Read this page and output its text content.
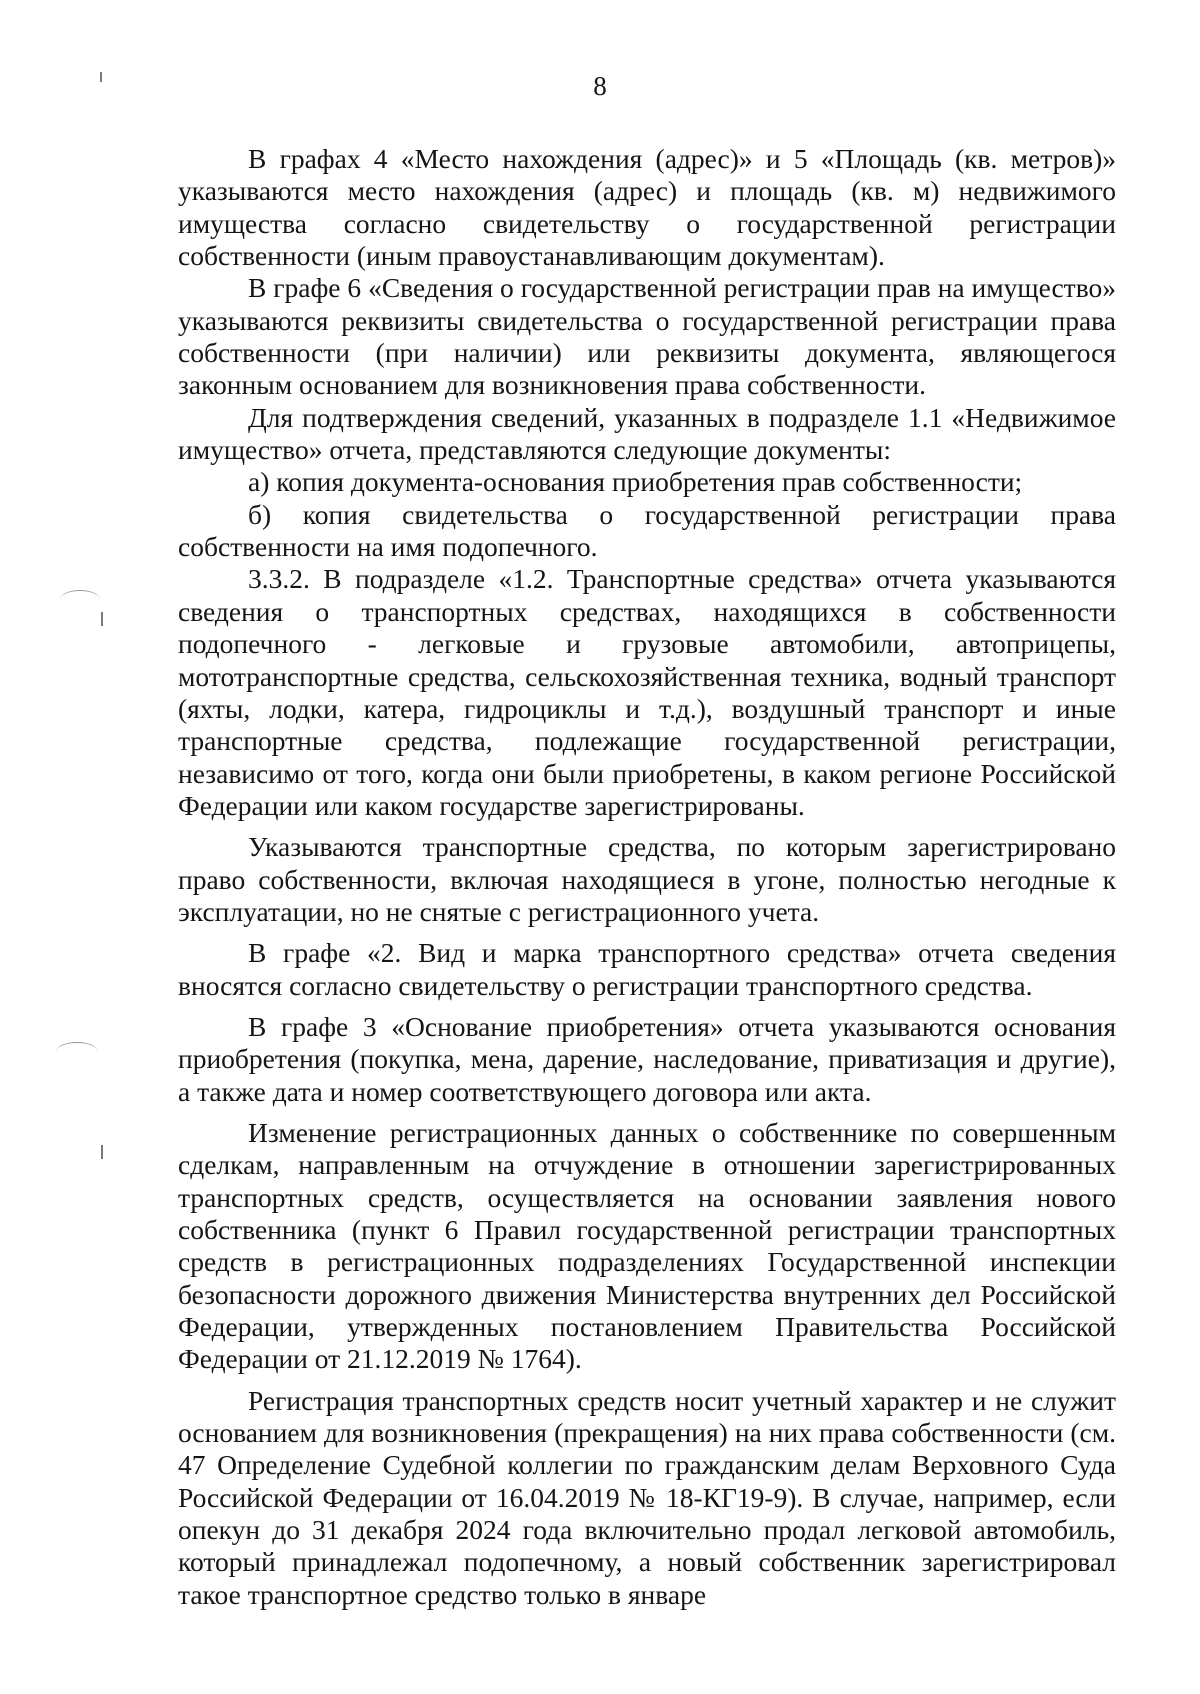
8

В графах 4 «Место нахождения (адрес)» и 5 «Площадь (кв. метров)» указываются место нахождения (адрес) и площадь (кв. м) недвижимого имущества согласно свидетельству о государственной регистрации собственности (иным правоустанавливающим документам).

В графе 6 «Сведения о государственной регистрации прав на имущество» указываются реквизиты свидетельства о государственной регистрации права собственности (при наличии) или реквизиты документа, являющегося законным основанием для возникновения права собственности.

Для подтверждения сведений, указанных в подразделе 1.1 «Недвижимое имущество» отчета, представляются следующие документы:

а) копия документа-основания приобретения прав собственности;

б) копия свидетельства о государственной регистрации права собственности на имя подопечного.

3.3.2. В подразделе «1.2. Транспортные средства» отчета указываются сведения о транспортных средствах, находящихся в собственности подопечного - легковые и грузовые автомобили, автоприцепы, мототранспортные средства, сельскохозяйственная техника, водный транспорт (яхты, лодки, катера, гидроциклы и т.д.), воздушный транспорт и иные транспортные средства, подлежащие государственной регистрации, независимо от того, когда они были приобретены, в каком регионе Российской Федерации или каком государстве зарегистрированы.

Указываются транспортные средства, по которым зарегистрировано право собственности, включая находящиеся в угоне, полностью негодные к эксплуатации, но не снятые с регистрационного учета.

В графе «2. Вид и марка транспортного средства» отчета сведения вносятся согласно свидетельству о регистрации транспортного средства.

В графе 3 «Основание приобретения» отчета указываются основания приобретения (покупка, мена, дарение, наследование, приватизация и другие), а также дата и номер соответствующего договора или акта.

Изменение регистрационных данных о собственнике по совершенным сделкам, направленным на отчуждение в отношении зарегистрированных транспортных средств, осуществляется на основании заявления нового собственника (пункт 6 Правил государственной регистрации транспортных средств в регистрационных подразделениях Государственной инспекции безопасности дорожного движения Министерства внутренних дел Российской Федерации, утвержденных постановлением Правительства Российской Федерации от 21.12.2019 № 1764).

Регистрация транспортных средств носит учетный характер и не служит основанием для возникновения (прекращения) на них права собственности (см. 47 Определение Судебной коллегии по гражданским делам Верховного Суда Российской Федерации от 16.04.2019 № 18-КГ19-9). В случае, например, если опекун до 31 декабря 2024 года включительно продал легковой автомобиль, который принадлежал подопечному, а новый собственник зарегистрировал такое транспортное средство только в январе
